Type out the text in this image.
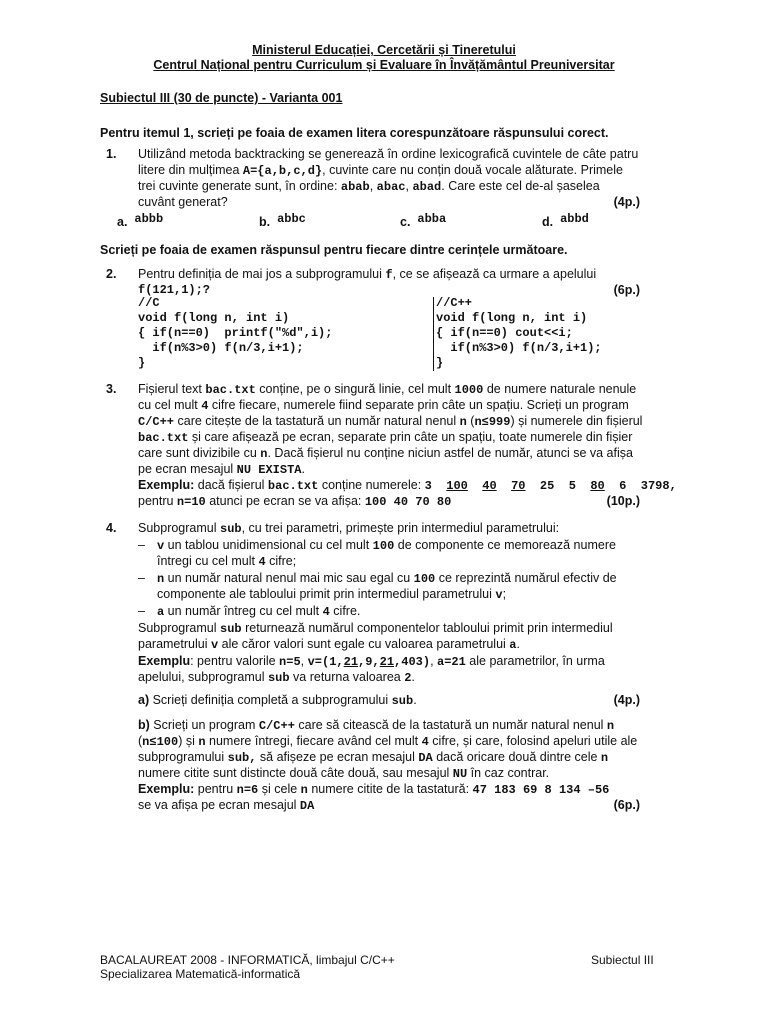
Ministerul Educației, Cercetării și Tineretului
Centrul Național pentru Curriculum și Evaluare în Învățământul Preuniversitar
Subiectul III (30 de puncte) - Varianta 001
Pentru itemul 1, scrieți pe foaia de examen litera corespunzătoare răspunsului corect.
1. Utilizând metoda backtracking se generează în ordine lexicografică cuvintele de câte patru
litere din mulțimea A={a,b,c,d}, cuvinte care nu conțin două vocale alăturate. Primele
trei cuvinte generate sunt, în ordine: abab, abac, abad. Care este cel de-al șaselea
cuvânt generat?	(4p.)
a. abbb	b. abbc	c. abba	d. abbd
Scrieți pe foaia de examen răspunsul pentru fiecare dintre cerințele următoare.
2. Pentru definiția de mai jos a subprogramului f, ce se afișează ca urmare a apelului
f(121,1);?	(6p.)
//C
void f(long n, int i)
{ if(n==0)  printf("%d",i);
if(n%3>0) f(n/3,i+1);
}
//C++
void f(long n, int i)
{ if(n==0) cout<<i;
if(n%3>0) f(n/3,i+1);
}
3. Fișierul text bac.txt conține, pe o singură linie, cel mult 1000 de numere naturale nenule
cu cel mult 4 cifre fiecare, numerele fiind separate prin câte un spațiu. Scrieți un program
C/C++ care citește de la tastatură un număr natural nenul n (n≤999) și numerele din fișierul
bac.txt și care afișează pe ecran, separate prin câte un spațiu, toate numerele din fișier
care sunt divizibile cu n. Dacă fișierul nu conține niciun astfel de număr, atunci se va afișa
pe ecran mesajul NU EXISTA.
Exemplu: dacă fișierul bac.txt conține numerele: 3 100 40 70 25 5 80 6 3798,
pentru n=10 atunci pe ecran se va afișa: 100 40 70 80	(10p.)
4. Subprogramul sub, cu trei parametri, primește prin intermediul parametrului:
– v un tablou unidimensional cu cel mult 100 de componente ce memorează numere
întregi cu cel mult 4 cifre;
– n un număr natural nenul mai mic sau egal cu 100 ce reprezintă numărul efectiv de
componente ale tabloului primit prin intermediul parametrului v;
– a un număr întreg cu cel mult 4 cifre.
Subprogramul sub returnează numărul componentelor tabloului primit prin intermediul
parametrului v ale căror valori sunt egale cu valoarea parametrului a.
Exemplu: pentru valorile n=5, v=(1,21,9,21,403), a=21 ale parametrilor, în urma
apelului, subprogramul sub va returna valoarea 2.
a) Scrieți definiția completă a subprogramului sub.	(4p.)
b) Scrieți un program C/C++ care să citească de la tastatură un număr natural nenul n
(n≤100) și n numere întregi, fiecare având cel mult 4 cifre, și care, folosind apeluri utile ale
subprogramului sub, să afișeze pe ecran mesajul DA dacă oricare două dintre cele n
numere citite sunt distincte două câte două, sau mesajul NU în caz contrar.
Exemplu: pentru n=6 și cele n numere citite de la tastatură: 47 183 69 8 134 –56
se va afișa pe ecran mesajul DA	(6p.)
BACALAUREAT 2008 - INFORMATICĂ, limbajul C/C++
Specializarea Matematică-informatică
Subiectul III
